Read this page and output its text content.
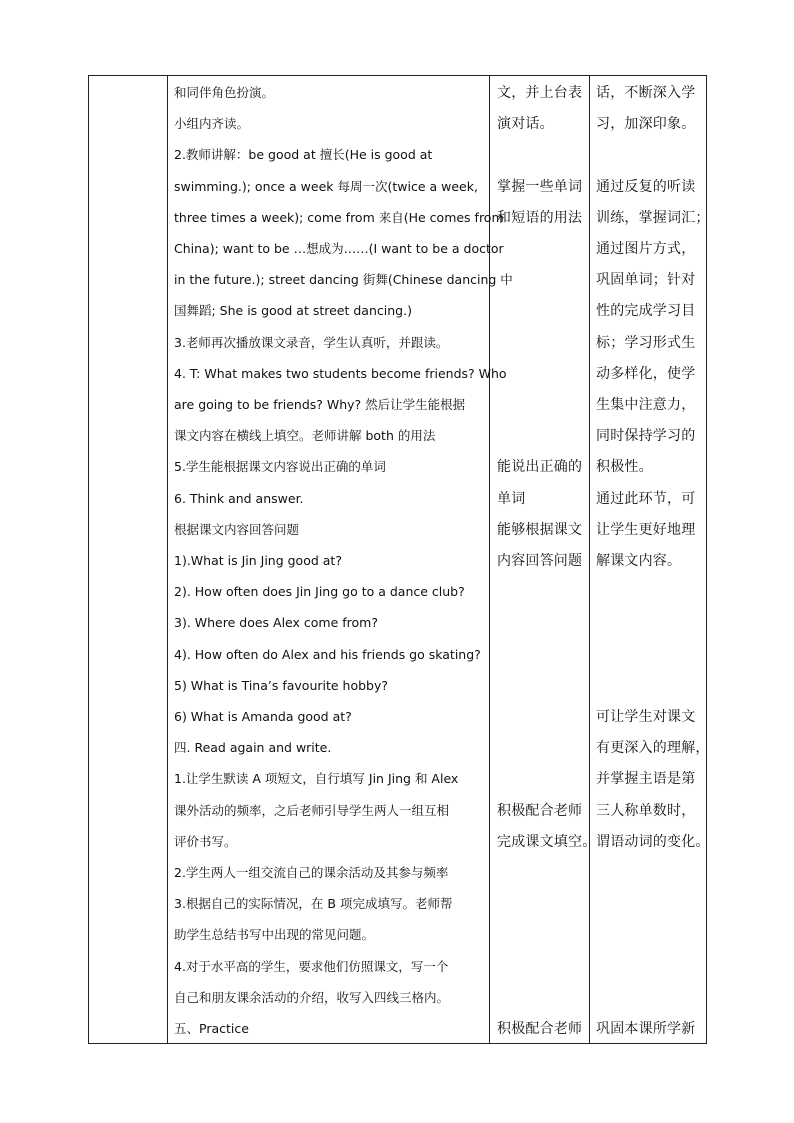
和同伴角色扮演。
小组内齐读。
2.教师讲解：be good at 擅长(He is good at
swimming.); once a week 每周一次(twice a week,
three times a week); come from 来自(He comes from
China); want to be …想成为……(I want to be a doctor
in the future.); street dancing 街舞(Chinese dancing 中
国舞蹈; She is good at street dancing.)
3.老师再次播放课文录音，学生认真听，并跟读。
4. T: What makes two students become friends? Who
are going to be friends? Why? 然后让学生能根据
课文内容在横线上填空。老师讲解 both 的用法
5.学生能根据课文内容说出正确的单词
6. Think and answer.
根据课文内容回答问题
1).What is Jin Jing good at?
2). How often does Jin Jing go to a dance club?
3). Where does Alex come from?
4). How often do Alex and his friends go skating?
5) What is Tina’s favourite hobby?
6) What is Amanda good at?
四. Read again and write.
1.让学生默读 A 项短文，自行填写 Jin Jing 和 Alex
课外活动的频率，之后老师引导学生两人一组互相
评价书写。
2.学生两人一组交流自己的课余活动及其参与频率
3.根据自己的实际情况，在 B 项完成填写。老师帮
助学生总结书写中出现的常见问题。
4.对于水平高的学生，要求他们仿照课文，写一个
自己和朋友课余活动的介绍，收写入四线三格内。
五、Practice
文，并上台表
演对话。
掌握一些单词
和短语的用法
能说出正确的
单词
能够根据课文
内容回答问题
积极配合老师
完成课文填空。
积极配合老师
话，不断深入学
习，加深印象。
通过反复的听读
训练，掌握词汇；
通过图片方式，
巩固单词；针对
性的完成学习目
标；学习形式生
动多样化，使学
生集中注意力，
同时保持学习的
积极性。
通过此环节，可
让学生更好地理
解课文内容。
可让学生对课文
有更深入的理解，
并掌握主语是第
三人称单数时，
谓语动词的变化。
巩固本课所学新
